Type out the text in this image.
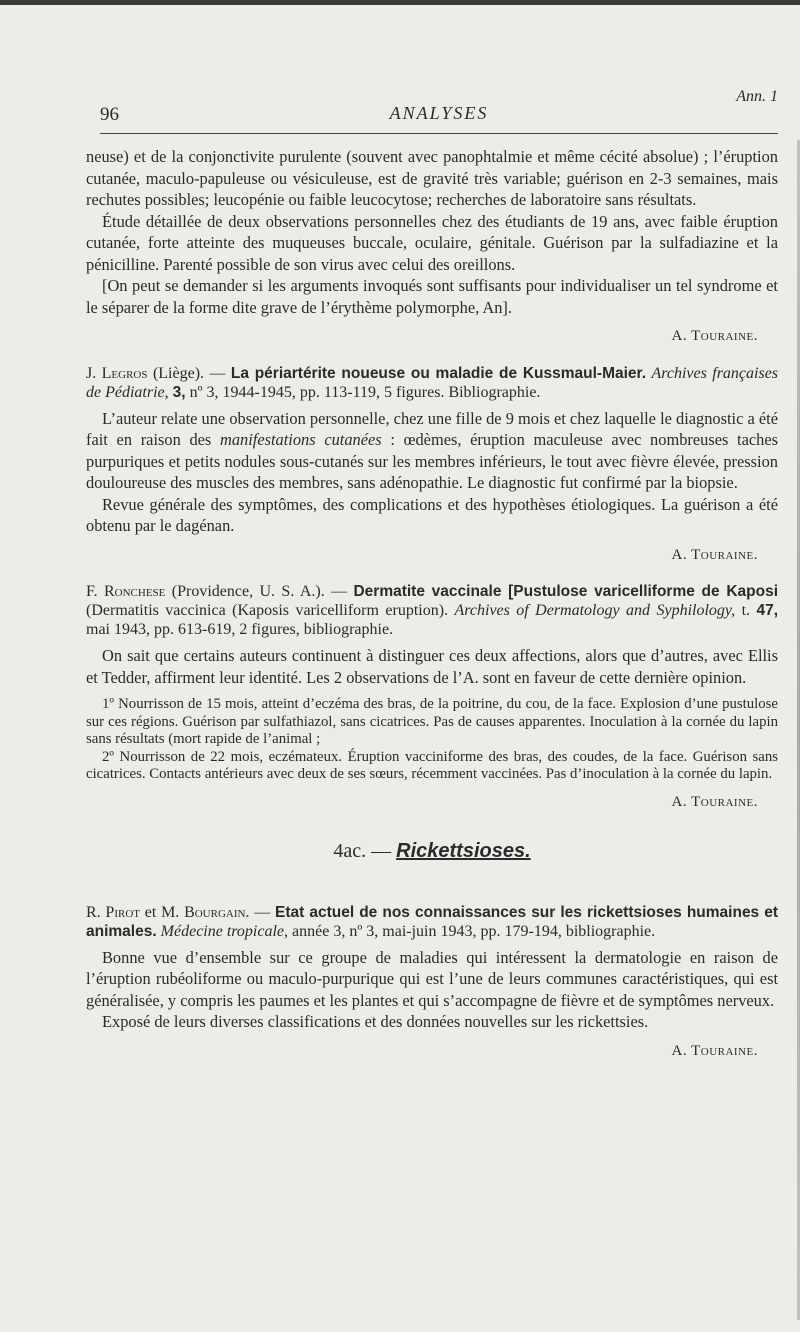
96	ANALYSES
Ann. 1

neuse) et de la conjonctivite purulente (souvent avec panophtalmie et même cécité absolue) ; l’éruption cutanée, maculo-papuleuse ou vésiculeuse, est de gravité très variable; guérison en 2-3 semaines, mais rechutes possibles; leucopénie ou faible leucocytose; recherches de laboratoire sans résultats.

Étude détaillée de deux observations personnelles chez des étudiants de 19 ans, avec faible éruption cutanée, forte atteinte des muqueuses buccale, oculaire, génitale. Guérison par la sulfadiazine et la pénicilline. Parenté possible de son virus avec celui des oreillons.

[On peut se demander si les arguments invoqués sont suffisants pour individualiser un tel syndrome et le séparer de la forme dite grave de l’érythème polymorphe, An].

A. Touraine.

J. Legros (Liège). — La périartérite noueuse ou maladie de Kussmaul-Maier. Archives françaises de Pédiatrie, 3, nº 3, 1944-1945, pp. 113-119, 5 figures. Bibliographie.

L’auteur relate une observation personnelle, chez une fille de 9 mois et chez laquelle le diagnostic a été fait en raison des manifestations cutanées : œdèmes, éruption maculeuse avec nombreuses taches purpuriques et petits nodules sous-cutanés sur les membres inférieurs, le tout avec fièvre élevée, pression douloureuse des muscles des membres, sans adénopathie. Le diagnostic fut confirmé par la biopsie.

Revue générale des symptômes, des complications et des hypothèses étiologiques. La guérison a été obtenu par le dagénan.

A. Touraine.

F. Ronchese (Providence, U. S. A.). — Dermatite vaccinale [Pustulose varicelliforme de Kaposi (Dermatitis vaccinica (Kaposis varicelliform eruption). Archives of Dermatology and Syphilology, t. 47, mai 1943, pp. 613-619, 2 figures, bibliographie.

On sait que certains auteurs continuent à distinguer ces deux affections, alors que d’autres, avec Ellis et Tedder, affirment leur identité. Les 2 observations de l’A. sont en faveur de cette dernière opinion.

1º Nourrisson de 15 mois, atteint d’eczéma des bras, de la poitrine, du cou, de la face. Explosion d’une pustulose sur ces régions. Guérison par sulfathiazol, sans cicatrices. Pas de causes apparentes. Inoculation à la cornée du lapin sans résultats (mort rapide de l’animal ;

2º Nourrisson de 22 mois, eczémateux. Éruption vacciniforme des bras, des coudes, de la face. Guérison sans cicatrices. Contacts antérieurs avec deux de ses sœurs, récemment vaccinées. Pas d’inoculation à la cornée du lapin.

A. Touraine.

4ac. — Rickettsioses.

R. Pirot et M. Bourgain. — Etat actuel de nos connaissances sur les rickettsioses humaines et animales. Médecine tropicale, année 3, nº 3, mai-juin 1943, pp. 179-194, bibliographie.

Bonne vue d’ensemble sur ce groupe de maladies qui intéressent la dermatologie en raison de l’éruption rubéoliforme ou maculo-purpurique qui est l’une de leurs communes caractéristiques, qui est généralisée, y compris les paumes et les plantes et qui s’accompagne de fièvre et de symptômes nerveux.

Exposé de leurs diverses classifications et des données nouvelles sur les rickettsies.

A. Touraine.
